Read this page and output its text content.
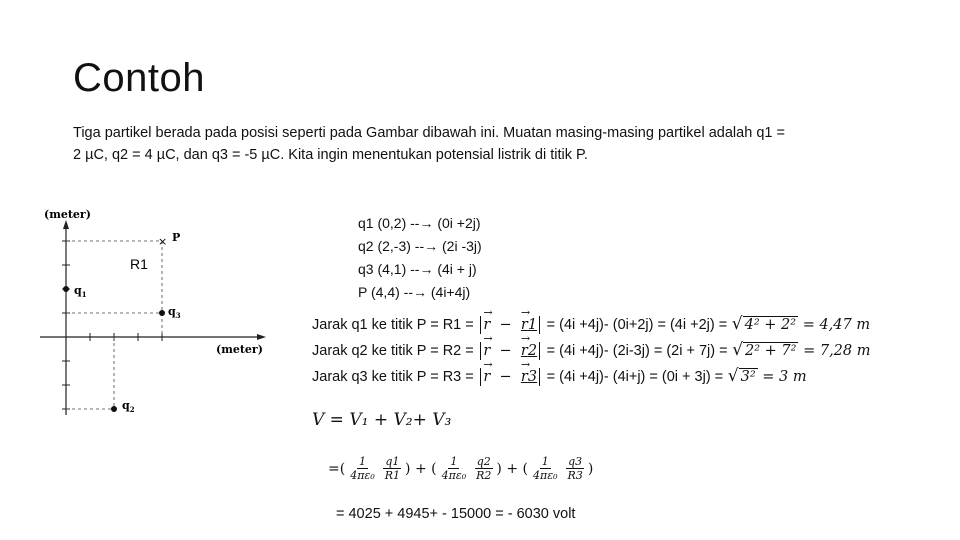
Contoh
Tiga partikel berada pada posisi seperti pada Gambar dibawah ini. Muatan masing-masing partikel adalah q1 = 2 µC, q2 = 4 µC, dan q3 = -5 µC. Kita ingin menentukan potensial listrik di titik P.
×
(meter)
(meter)
P
R1
$q_1$
$q_3$
$q_2$
q1 (0,2) --→ (0i +2j)
q2 (2,-3) --→ (2i -3j)
q3 (4,1) --→ (4i + j)
P (4,4) --→ (4i+4j)
Jarak q1 ke titik P = R1 = → r  −  → r1 = (4i +4j)- (0i+2j) = (4i +2j) = √ 4² + 2² = 4,47 m
Jarak q2 ke titik P = R2 = → r  −  → r2 = (4i +4j)- (2i-3j) = (2i + 7j) = √ 2² + 7² = 7,28 m
Jarak q3 ke titik P = R3 = → r  −  → r3 = (4i +4j)- (4i+j) = (0i + 3j) = √ 3² = 3 m
V = V₁ + V₂+ V₃
=( $\frac{1}{\text{4πε₀}} \frac{q1}{R1}$ ) + ( $\frac{1}{\text{4πε₀}} \frac{q2}{R2}$ ) + ( $\frac{1}{\text{4πε₀}} \frac{q3}{R3}$ )
= 4025 + 4945+ - 15000 = - 6030 volt
